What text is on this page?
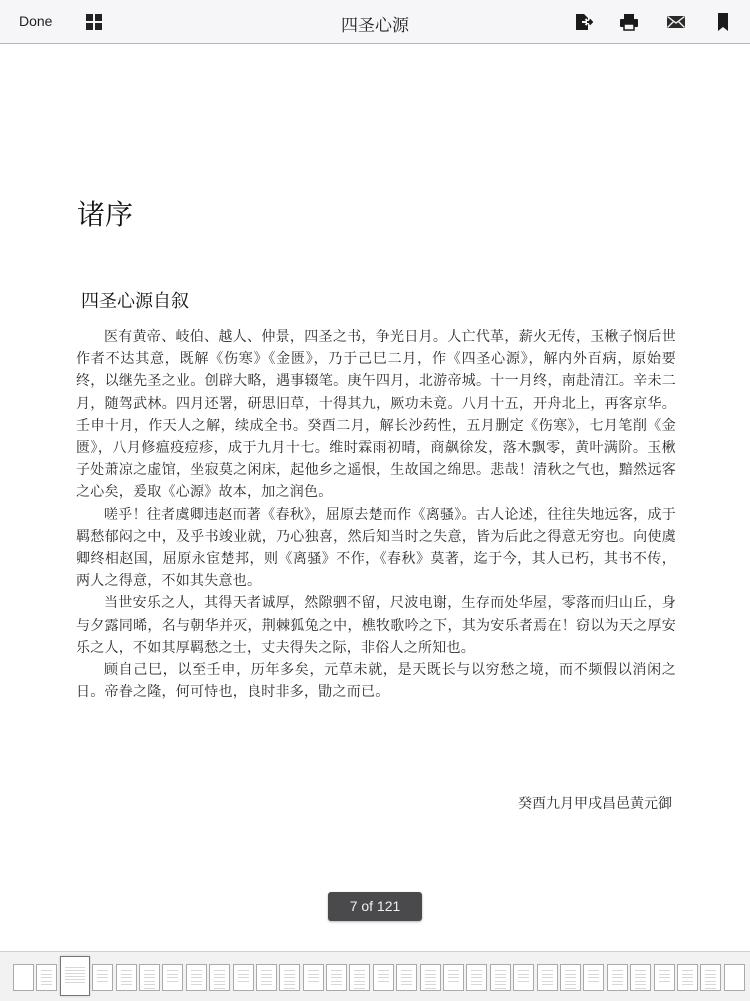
Done	四圣心源
诸序
四圣心源自叙

医有黄帝、岐伯、越人、仲景，四圣之书，争光日月。人亡代革，薪火无传，玉楸子悯后世作者不达其意，既解《伤寒》《金匮》，乃于己巳二月，作《四圣心源》，解内外百病，原始要终，以继先圣之业。创辟大略，遇事辍笔。庚午四月，北游帝城。十一月终，南赴清江。辛未二月，随驾武林。四月还署，研思旧草，十得其九，厥功未竟。八月十五，开舟北上，再客京华。壬申十月，作天人之解，续成全书。癸酉二月，解长沙药性，五月删定《伤寒》，七月笔削《金匮》，八月修瘟疫痘疹，成于九月十七。维时霖雨初晴，商飙徐发，落木飘零，黄叶满阶。玉楸子处萧凉之虚馆，坐寂莫之闲床，起他乡之遥恨，生故国之绵思。悲哉！清秋之气也，黯然远客之心矣，爰取《心源》故本，加之润色。

嗟乎！往者虞卿违赵而著《春秋》，屈原去楚而作《离骚》。古人论述，往往失地远客，成于羁愁郁闷之中，及乎书竣业就，乃心独喜，然后知当时之失意，皆为后此之得意无穷也。向使虞卿终相赵国，屈原永宦楚邦，则《离骚》不作，《春秋》莫著，迄于今，其人已朽，其书不传，两人之得意，不如其失意也。

当世安乐之人，其得天者诚厚，然隙驷不留，尺波电谢，生存而处华屋，零落而归山丘，身与夕露同晞，名与朝华并灭，荆棘狐兔之中，樵牧歌吟之下，其为安乐者焉在！窃以为天之厚安乐之人，不如其厚羁愁之士，丈夫得失之际，非俗人之所知也。

顾自己巳，以至壬申，历年多矣，元草未就，是天既长与以穷愁之境，而不频假以消闲之日。帝眷之隆，何可恃也，良时非多，勖之而已。

癸酉九月甲戌昌邑黄元御
7 of 121
